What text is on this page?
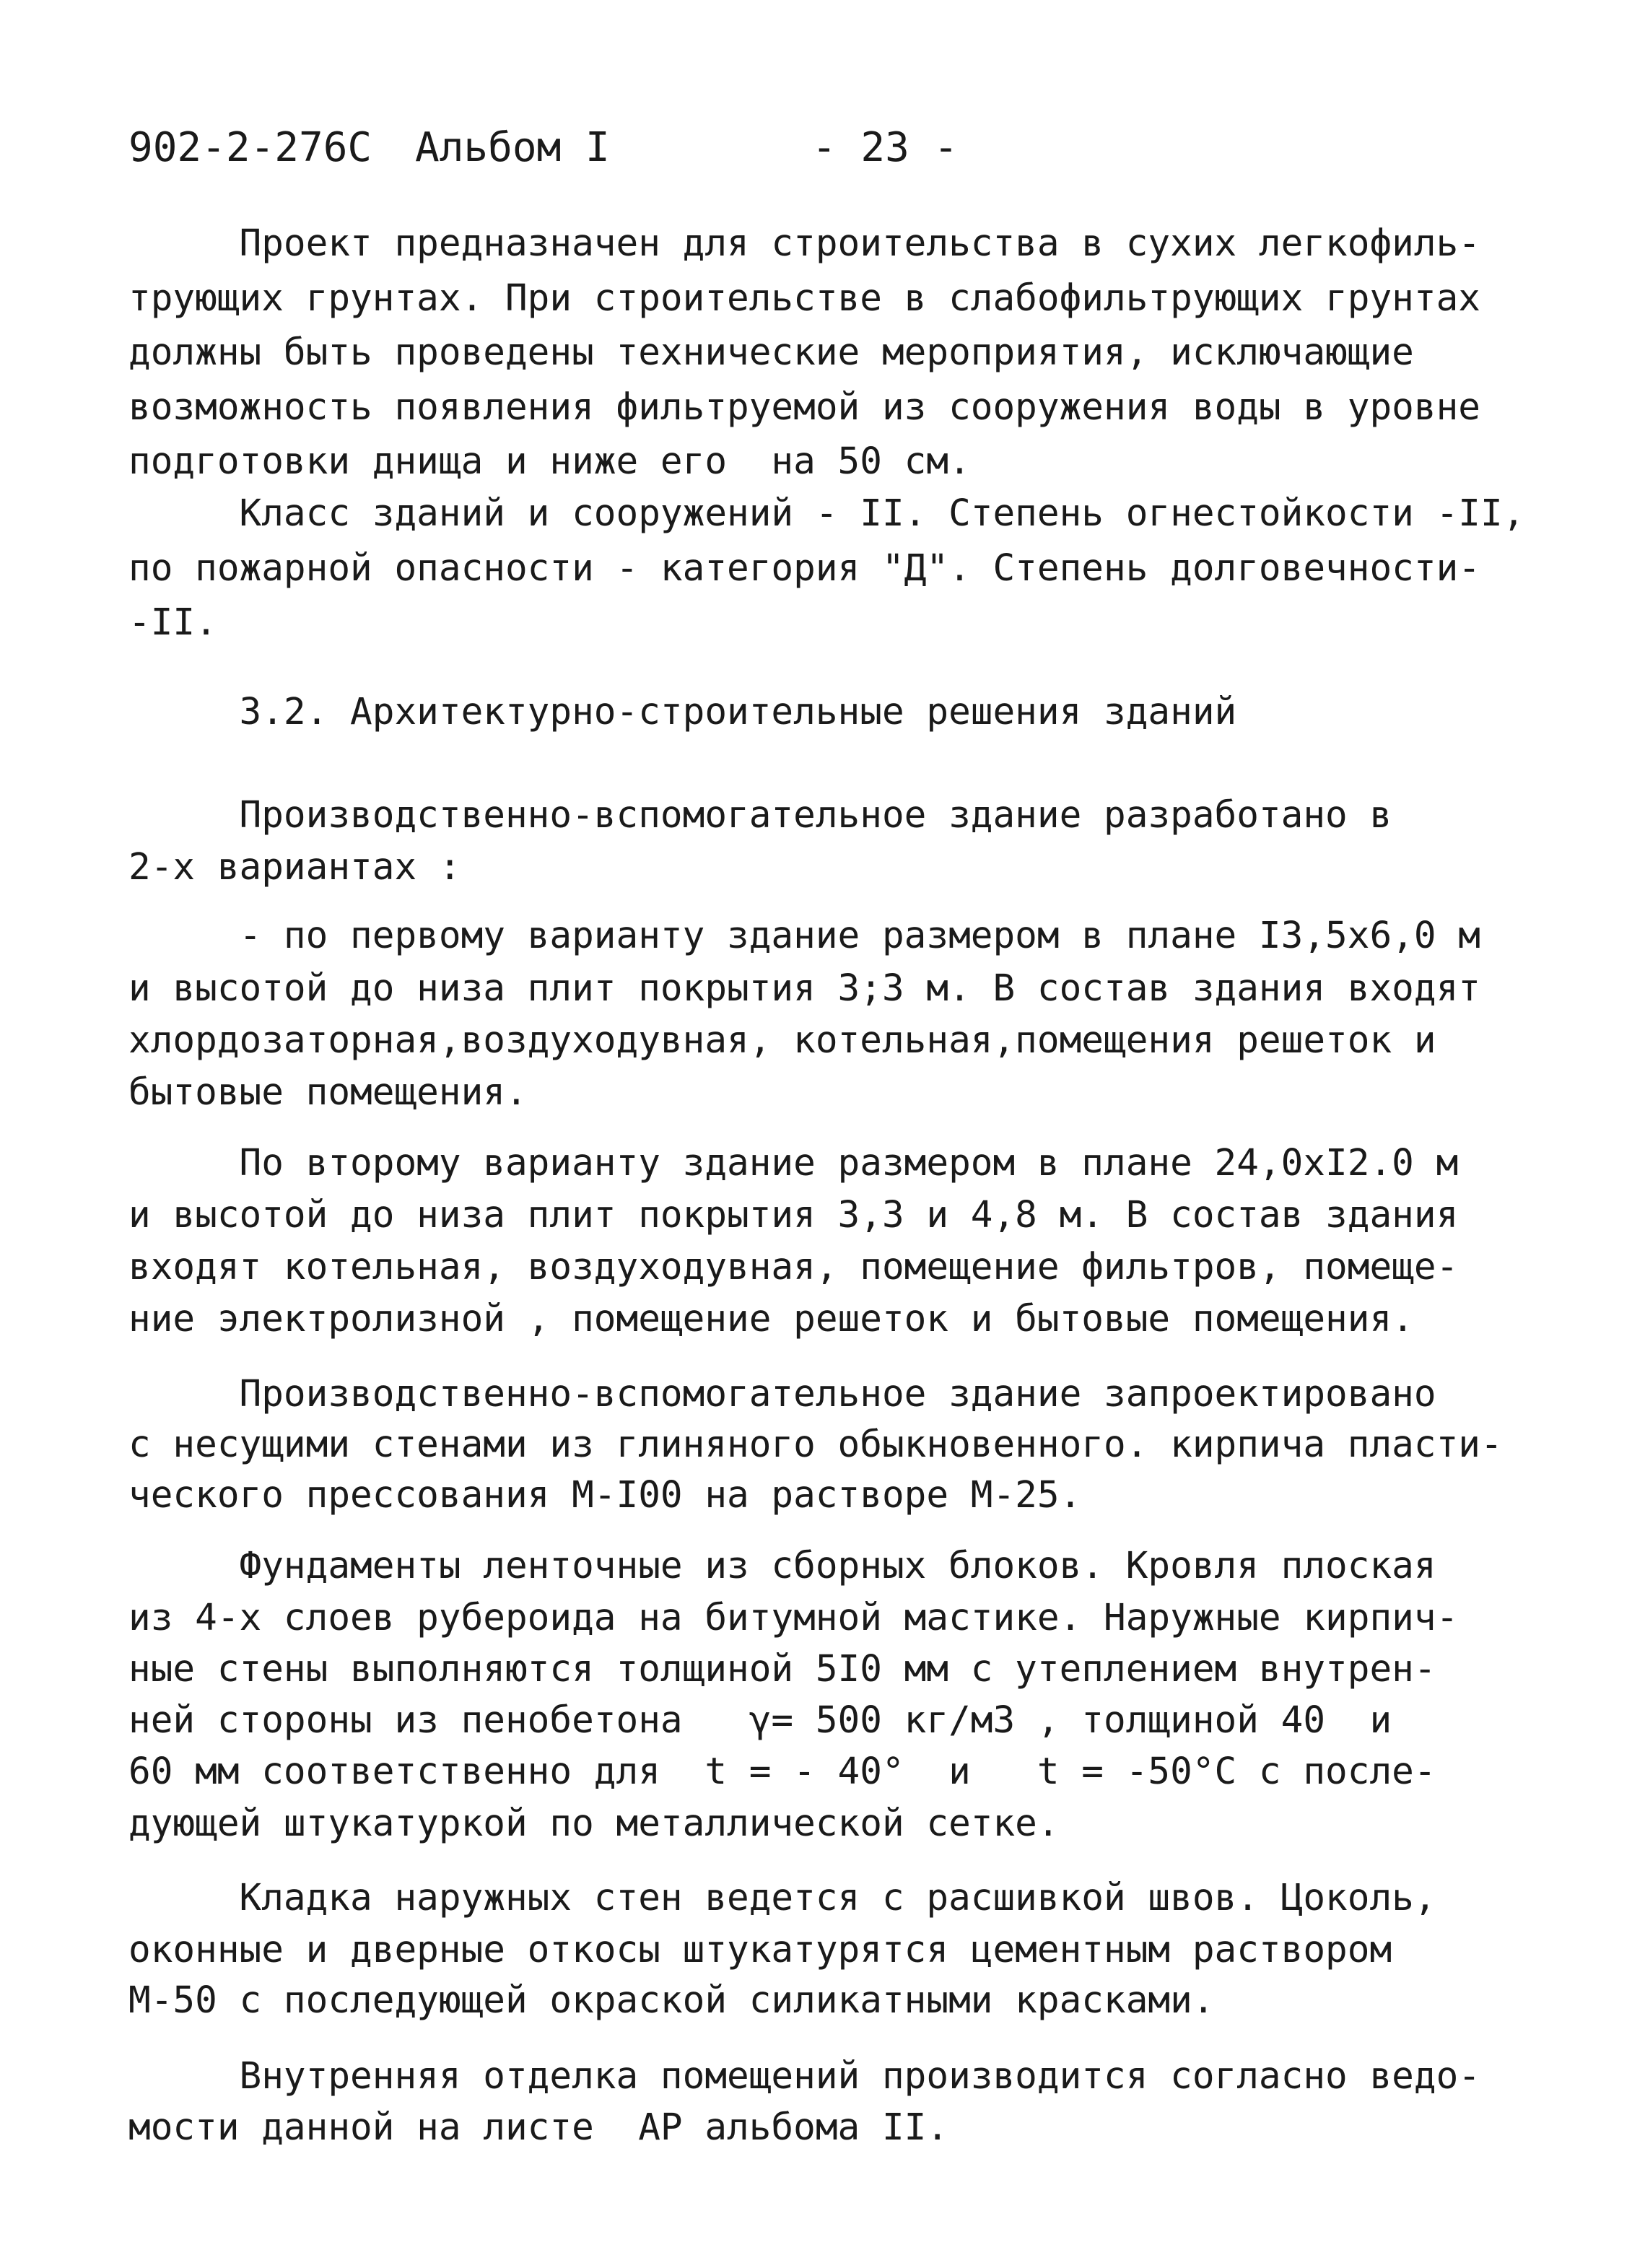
902-2-276С Альбом I	- 23 -
Проект предназначен для строительства в сухих легкофиль-
трующих грунтах. При строительстве в слабофильтрующих грунтах
должны быть проведены технические мероприятия, исключающие
возможность появления фильтруемой из сооружения воды в уровне
подготовки днища и ниже его  на 50 см.
Класс зданий и сооружений - II. Степень огнестойкости -II,
по пожарной опасности - категория "Д". Степень долговечности-
-II.
3.2. Архитектурно-строительные решения зданий
Производственно-вспомогательное здание разработано в
2-х вариантах :
- по первому варианту здание размером в плане I3,5х6,0 м
и высотой до низа плит покрытия 3;3 м. В состав здания входят
хлордозаторная,воздуходувная, котельная,помещения решеток и
бытовые помещения.
По второму варианту здание размером в плане 24,0хI2.0 м
и высотой до низа плит покрытия 3,3 и 4,8 м. В состав здания
входят котельная, воздуходувная, помещение фильтров, помеще-
ние электролизной , помещение решеток и бытовые помещения.
Производственно-вспомогательное здание запроектировано
с несущими стенами из глиняного обыкновенного. кирпича пласти-
ческого прессования М-I00 на растворе М-25.
Фундаменты ленточные из сборных блоков. Кровля плоская
из 4-х слоев рубероида на битумной мастике. Наружные кирпич-
ные стены выполняются толщиной 5I0 мм с утеплением внутрен-
ней стороны из пенобетона   γ= 500 кг/м3 , толщиной 40  и
60 мм соответственно для  t = - 40°  и   t = -50°С с после-
дующей штукатуркой по металлической сетке.
Кладка наружных стен ведется с расшивкой швов. Цоколь,
оконные и дверные откосы штукатурятся цементным раствором
М-50 с последующей окраской силикатными красками.
Внутренняя отделка помещений производится согласно ведо-
мости данной на листе  АР альбома II.
